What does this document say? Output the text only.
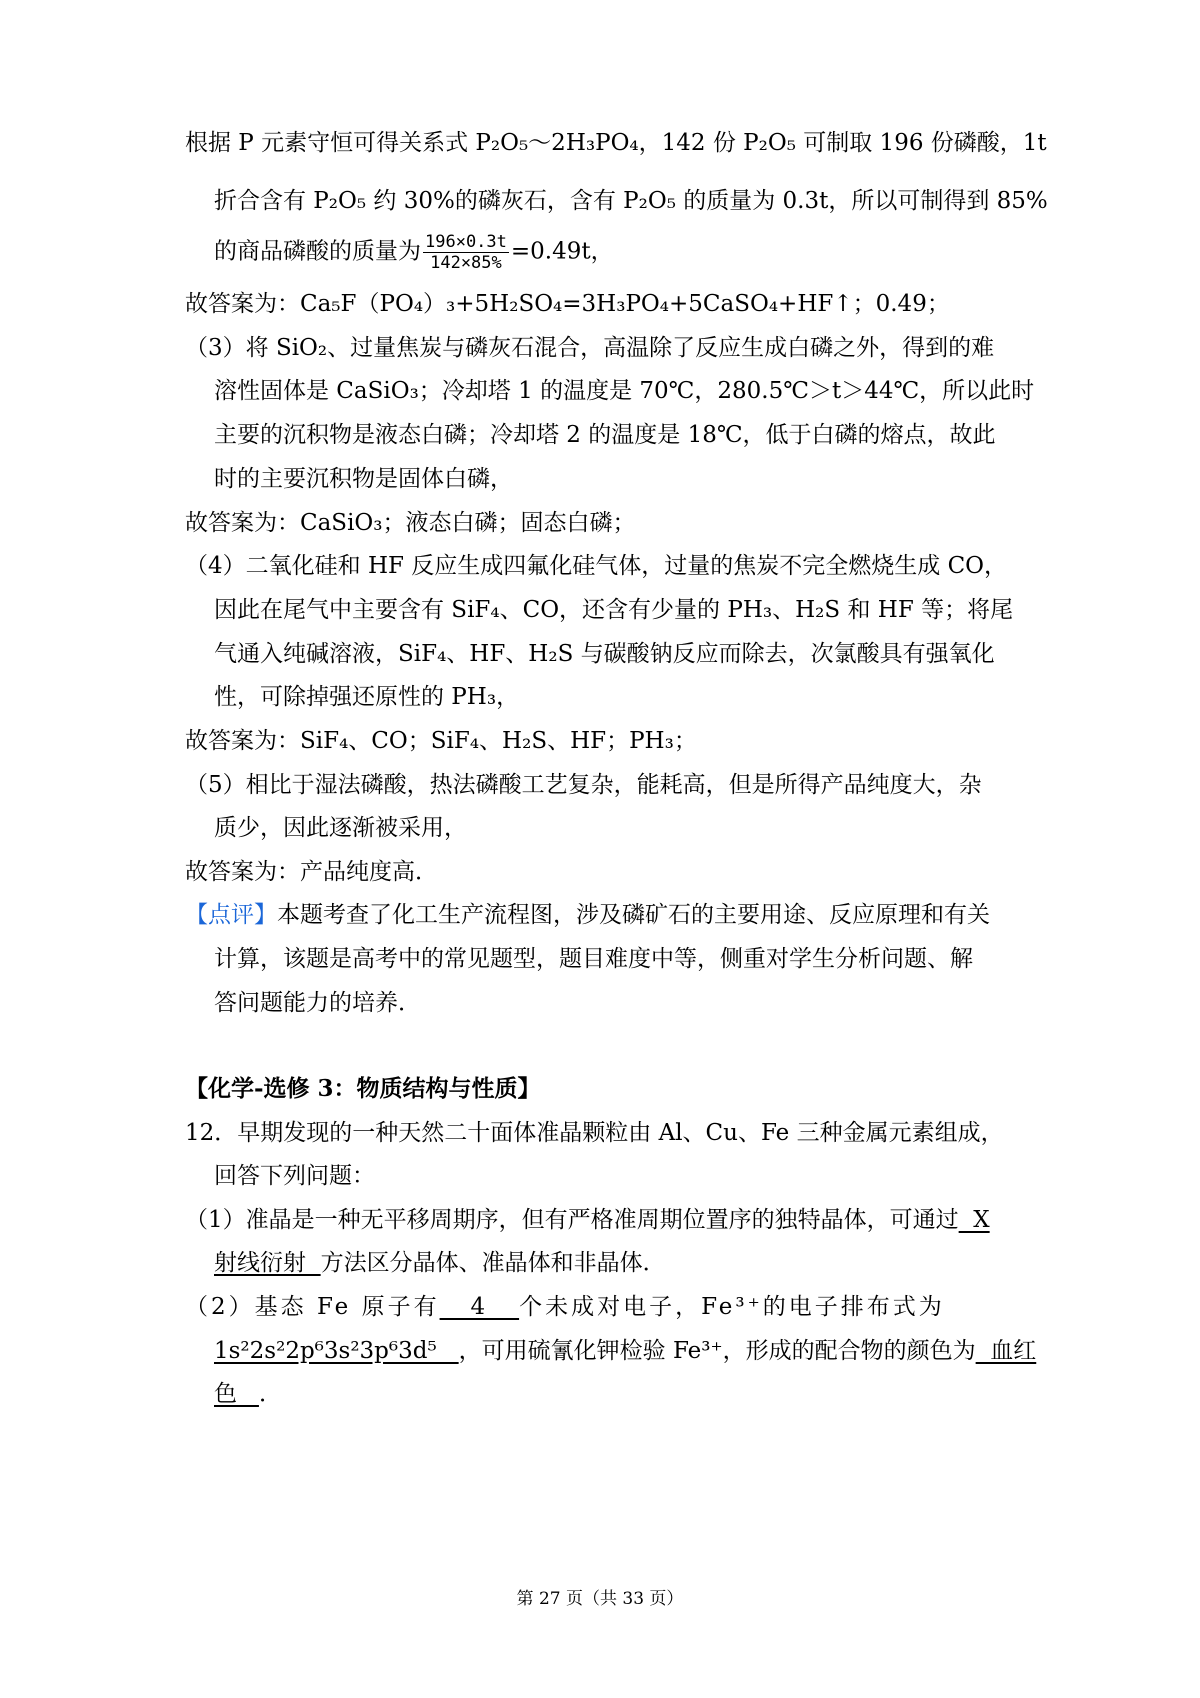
根据 P 元素守恒可得关系式 P₂O₅～2H₃PO₄，142 份 P₂O₅ 可制取 196 份磷酸，1t
折合含有 P₂O₅ 约 30%的磷灰石，含有 P₂O₅ 的质量为 0.3t，所以可制得到 85%
的商品磷酸的质量为 $\frac{196\times 0.3t}{142\times 85\%} =0.49t$，
故答案为：Ca₅F（PO₄）₃+5H₂SO₄=3H₃PO₄+5CaSO₄+HF↑；0.49；
（3）将 SiO₂、过量焦炭与磷灰石混合，高温除了反应生成白磷之外，得到的难
溶性固体是 CaSiO₃；冷却塔 1 的温度是 70℃，280.5℃＞t＞44℃，所以此时
主要的沉积物是液态白磷；冷却塔 2 的温度是 18℃，低于白磷的熔点，故此
时的主要沉积物是固体白磷，
故答案为：CaSiO₃；液态白磷；固态白磷；
（4）二氧化硅和 HF 反应生成四氟化硅气体，过量的焦炭不完全燃烧生成 CO，
因此在尾气中主要含有 SiF₄、CO，还含有少量的 PH₃、H₂S 和 HF 等；将尾
气通入纯碱溶液，SiF₄、HF、H₂S 与碳酸钠反应而除去，次氯酸具有强氧化
性，可除掉强还原性的 PH₃，
故答案为：SiF₄、CO；SiF₄、H₂S、HF；PH₃；
（5）相比于湿法磷酸，热法磷酸工艺复杂，能耗高，但是所得产品纯度大，杂
质少，因此逐渐被采用，
故答案为：产品纯度高．
【点评】本题考查了化工生产流程图，涉及磷矿石的主要用途、反应原理和有关
计算，该题是高考中的常见题型，题目难度中等，侧重对学生分析问题、解
答问题能力的培养．
【化学-选修 3：物质结构与性质】
12．早期发现的一种天然二十面体准晶颗粒由 Al、Cu、Fe 三种金属元素组成，
回答下列问题：
（1）准晶是一种无平移周期序，但有严格准周期位置序的独特晶体，可通过  X
射线衍射  方法区分晶体、准晶体和非晶体．
（2）基态 Fe 原子有   4   个未成对电子，Fe³⁺的电子排布式为
1s²2s²2p⁶3s²3p⁶3d⁵   ，可用硫氰化钾检验 Fe³⁺，形成的配合物的颜色为  血红
色   ．
第 27 页（共 33 页）
